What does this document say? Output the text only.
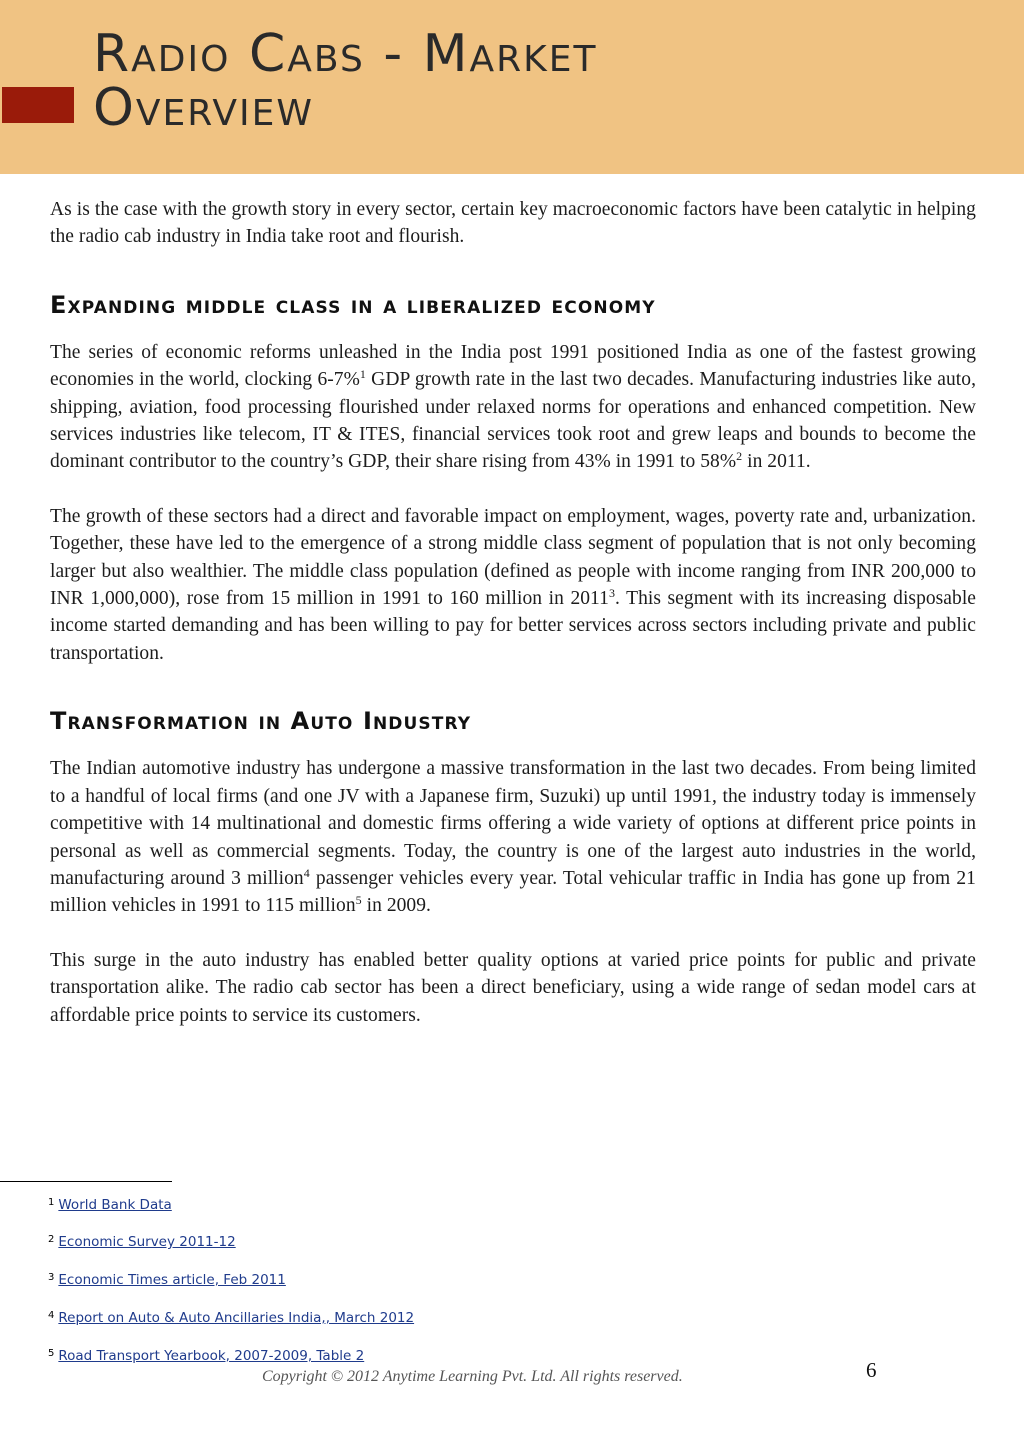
Radio Cabs - Market
Overview

As is the case with the growth story in every sector, certain key macroeconomic factors have been catalytic in helping the radio cab industry in India take root and flourish.

Expanding middle class in a liberalized economy

The series of economic reforms unleashed in the India post 1991 positioned India as one of the fastest growing economies in the world, clocking 6-7%$^1$ GDP growth rate in the last two decades. Manufacturing industries like auto, shipping, aviation, food processing flourished under relaxed norms for operations and enhanced competition. New services industries like telecom, IT & ITES, financial services took root and grew leaps and bounds to become the dominant contributor to the country’s GDP, their share rising from 43% in 1991 to 58%$^2$ in 2011.

The growth of these sectors had a direct and favorable impact on employment, wages, poverty rate and, urbanization. Together, these have led to the emergence of a strong middle class segment of population that is not only becoming larger but also wealthier. The middle class population (defined as people with income ranging from INR 200,000 to INR 1,000,000), rose from 15 million in 1991 to 160 million in 2011$^3$. This segment with its increasing disposable income started demanding and has been willing to pay for better services across sectors including private and public transportation.

Transformation in Auto Industry

The Indian automotive industry has undergone a massive transformation in the last two decades. From being limited to a handful of local firms (and one JV with a Japanese firm, Suzuki) up until 1991, the industry today is immensely competitive with 14 multinational and domestic firms offering a wide variety of options at different price points in personal as well as commercial segments. Today, the country is one of the largest auto industries in the world, manufacturing around 3 million$^4$ passenger vehicles every year. Total vehicular traffic in India has gone up from 21 million vehicles in 1991 to 115 million$^5$ in 2009.

This surge in the auto industry has enabled better quality options at varied price points for public and private transportation alike. The radio cab sector has been a direct beneficiary, using a wide range of sedan model cars at affordable price points to service its customers.

$^1$ World Bank Data
$^2$ Economic Survey 2011-12
$^3$ Economic Times article, Feb 2011
$^4$ Report on Auto & Auto Ancillaries India,, March 2012
$^5$ Road Transport Yearbook, 2007-2009, Table 2
Copyright © 2012 Anytime Learning Pvt. Ltd. All rights reserved.	6
